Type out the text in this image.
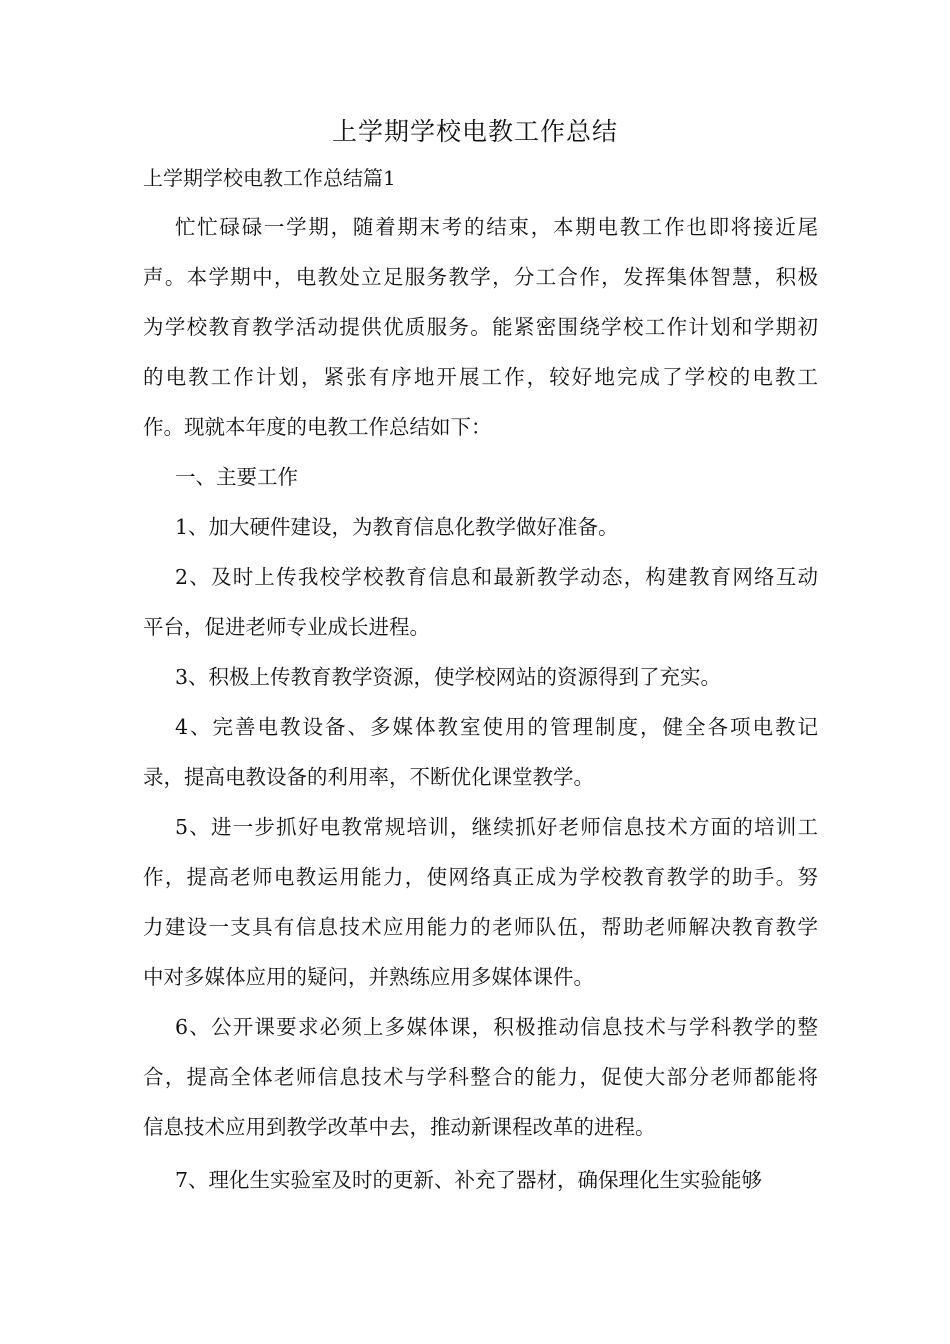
上学期学校电教工作总结
上学期学校电教工作总结篇1
忙忙碌碌一学期，随着期末考的结束，本期电教工作也即将接近尾
声。本学期中，电教处立足服务教学，分工合作，发挥集体智慧，积极
为学校教育教学活动提供优质服务。能紧密围绕学校工作计划和学期初
的电教工作计划，紧张有序地开展工作，较好地完成了学校的电教工
作。现就本年度的电教工作总结如下：
一、主要工作
1、加大硬件建设，为教育信息化教学做好准备。
2、及时上传我校学校教育信息和最新教学动态，构建教育网络互动
平台，促进老师专业成长进程。
3、积极上传教育教学资源，使学校网站的资源得到了充实。
4、完善电教设备、多媒体教室使用的管理制度，健全各项电教记
录，提高电教设备的利用率，不断优化课堂教学。
5、进一步抓好电教常规培训，继续抓好老师信息技术方面的培训工
作，提高老师电教运用能力，使网络真正成为学校教育教学的助手。努
力建设一支具有信息技术应用能力的老师队伍，帮助老师解决教育教学
中对多媒体应用的疑问，并熟练应用多媒体课件。
6、公开课要求必须上多媒体课，积极推动信息技术与学科教学的整
合，提高全体老师信息技术与学科整合的能力，促使大部分老师都能将
信息技术应用到教学改革中去，推动新课程改革的进程。
7、理化生实验室及时的更新、补充了器材，确保理化生实验能够
